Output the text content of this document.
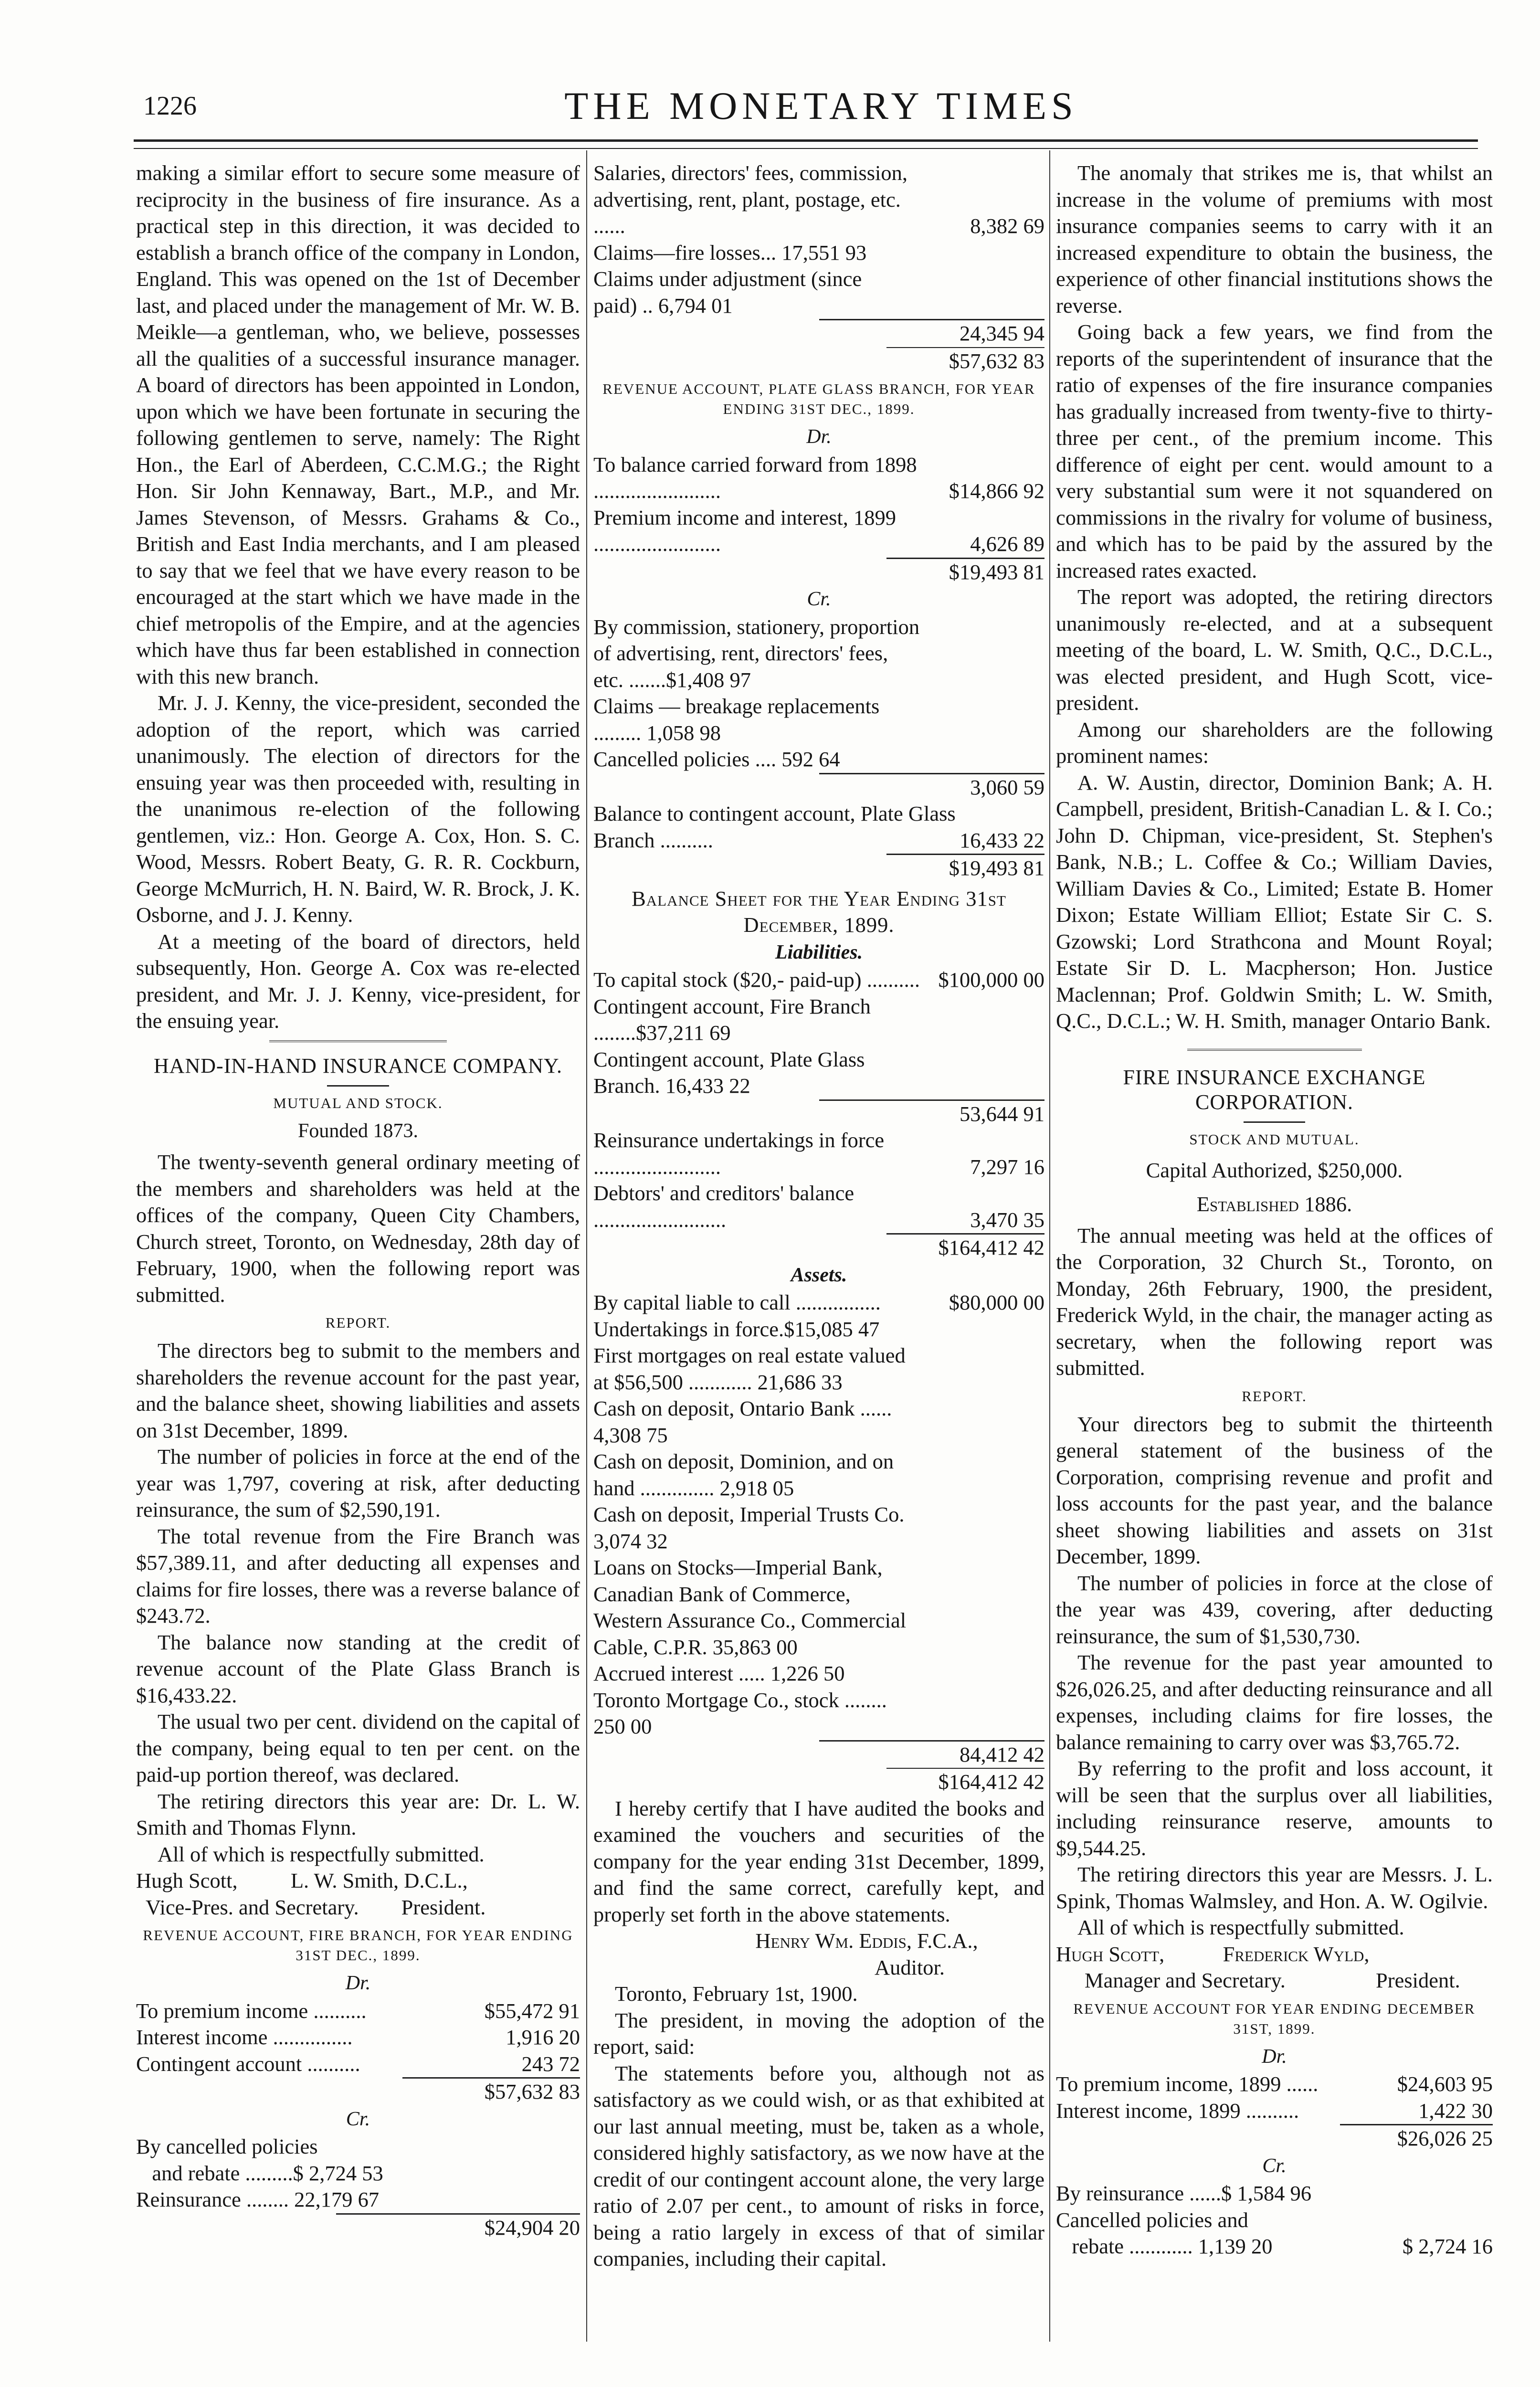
1226	THE MONETARY TIMES

making a similar effort to secure some measure of reciprocity in the business of fire insurance. As a practical step in this direction, it was decided to establish a branch office of the company in London, England. This was opened on the 1st of December last, and placed under the management of Mr. W. B. Meikle—a gentleman, who, we believe, possesses all the qualities of a successful insurance manager. A board of directors has been appointed in London, upon which we have been fortunate in securing the following gentlemen to serve, namely: The Right Hon., the Earl of Aberdeen, C.C.M.G.; the Right Hon. Sir John Kennaway, Bart., M.P., and Mr. James Stevenson, of Messrs. Grahams & Co., British and East India merchants, and I am pleased to say that we feel that we have every reason to be encouraged at the start which we have made in the chief metropolis of the Empire, and at the agencies which have thus far been established in connection with this new branch.

Mr. J. J. Kenny, the vice-president, seconded the adoption of the report, which was carried unanimously. The election of directors for the ensuing year was then proceeded with, resulting in the unanimous re-election of the following gentlemen, viz.: Hon. George A. Cox, Hon. S. C. Wood, Messrs. Robert Beaty, G. R. R. Cockburn, George McMurrich, H. N. Baird, W. R. Brock, J. K. Osborne, and J. J. Kenny.

At a meeting of the board of directors, held subsequently, Hon. George A. Cox was re-elected president, and Mr. J. J. Kenny, vice-president, for the ensuing year.

HAND-IN-HAND INSURANCE COMPANY.
MUTUAL AND STOCK.
Founded 1873.

The twenty-seventh general ordinary meeting of the members and shareholders was held at the offices of the company, Queen City Chambers, Church street, Toronto, on Wednesday, 28th day of February, 1900, when the following report was submitted.

REPORT.

The directors beg to submit to the members and shareholders the revenue account for the past year, and the balance sheet, showing liabilities and assets on 31st December, 1899.

The number of policies in force at the end of the year was 1,797, covering at risk, after deducting reinsurance, the sum of $2,590,191.

The total revenue from the Fire Branch was $57,389.11, and after deducting all expenses and claims for fire losses, there was a reverse balance of $243.72.

The balance now standing at the credit of revenue account of the Plate Glass Branch is $16,433.22.

The usual two per cent. dividend on the capital of the company, being equal to ten per cent. on the paid-up portion thereof, was declared.

The retiring directors this year are: Dr. L. W. Smith and Thomas Flynn.

All of which is respectfully submitted.

Hugh Scott,          L. W. Smith, D.C.L.,
Vice-Pres. and Secretary.        President.
REVENUE ACCOUNT, FIRE BRANCH, FOR YEAR ENDING 31ST DEC., 1899.
Dr.
To premium income ..........	$55,472 91
Interest income ...............	1,916 20
Contingent account ..........	243 72
$57,632 83
Cr.
By cancelled policies
and rebate .........$ 2,724 53
Reinsurance ........ 22,179 67
$24,904 20
Salaries, directors' fees, commission, advertising, rent, plant, postage, etc. ......	8,382 69
Claims—fire losses... 17,551 93
Claims under adjustment (since paid) .. 6,794 01
24,345 94
$57,632 83
REVENUE ACCOUNT, PLATE GLASS BRANCH, FOR YEAR ENDING 31ST DEC., 1899.
Dr.
To balance carried forward from 1898 ........................	$14,866 92
Premium income and interest, 1899 ........................	4,626 89
$19,493 81
Cr.
By commission, stationery, proportion of advertising, rent, directors' fees, etc. .......$1,408 97
Claims — breakage replacements ......... 1,058 98
Cancelled policies .... 592 64
3,060 59
Balance to contingent account, Plate Glass Branch ..........	16,433 22
$19,493 81
Balance Sheet for the Year Ending 31st December, 1899.
Liabilities.
To capital stock ($20,- paid-up) .......... $100,000 00
Contingent account, Fire Branch ........$37,211 69
Contingent account, Plate Glass Branch. 16,433 22
53,644 91
Reinsurance undertakings in force ........................	7,297 16
Debtors' and creditors' balance .........................	3,470 35
$164,412 42
Assets.
By capital liable to call ................	$80,000 00
Undertakings in force.$15,085 47
First mortgages on real estate valued at $56,500 ............ 21,686 33
Cash on deposit, Ontario Bank ...... 4,308 75
Cash on deposit, Dominion, and on hand .............. 2,918 05
Cash on deposit, Imperial Trusts Co. 3,074 32
Loans on Stocks—Imperial Bank, Canadian Bank of Commerce, Western Assurance Co., Commercial Cable, C.P.R. 35,863 00
Accrued interest ..... 1,226 50
Toronto Mortgage Co., stock ........ 250 00
84,412 42
$164,412 42

I hereby certify that I have audited the books and examined the vouchers and securities of the company for the year ending 31st December, 1899, and find the same correct, carefully kept, and properly set forth in the above statements.

Henry Wm. Eddis, F.C.A.,
Auditor.

Toronto, February 1st, 1900.

The president, in moving the adoption of the report, said:

The statements before you, although not as satisfactory as we could wish, or as that exhibited at our last annual meeting, must be, taken as a whole, considered highly satisfactory, as we now have at the credit of our contingent account alone, the very large ratio of 2.07 per cent., to amount of risks in force, being a ratio largely in excess of that of similar companies, including their capital.

The anomaly that strikes me is, that whilst an increase in the volume of premiums with most insurance companies seems to carry with it an increased expenditure to obtain the business, the experience of other financial institutions shows the reverse.

Going back a few years, we find from the reports of the superintendent of insurance that the ratio of expenses of the fire insurance companies has gradually increased from twenty-five to thirty-three per cent., of the premium income. This difference of eight per cent. would amount to a very substantial sum were it not squandered on commissions in the rivalry for volume of business, and which has to be paid by the assured by the increased rates exacted.

The report was adopted, the retiring directors unanimously re-elected, and at a subsequent meeting of the board, L. W. Smith, Q.C., D.C.L., was elected president, and Hugh Scott, vice-president.

Among our shareholders are the following prominent names:

A. W. Austin, director, Dominion Bank; A. H. Campbell, president, British-Canadian L. & I. Co.; John D. Chipman, vice-president, St. Stephen's Bank, N.B.; L. Coffee & Co.; William Davies, William Davies & Co., Limited; Estate B. Homer Dixon; Estate William Elliot; Estate Sir C. S. Gzowski; Lord Strathcona and Mount Royal; Estate Sir D. L. Macpherson; Hon. Justice Maclennan; Prof. Goldwin Smith; L. W. Smith, Q.C., D.C.L.; W. H. Smith, manager Ontario Bank.

FIRE INSURANCE EXCHANGE CORPORATION.
STOCK AND MUTUAL.
Capital Authorized, $250,000.
Established 1886.

The annual meeting was held at the offices of the Corporation, 32 Church St., Toronto, on Monday, 26th February, 1900, the president, Frederick Wyld, in the chair, the manager acting as secretary, when the following report was submitted.

REPORT.

Your directors beg to submit the thirteenth general statement of the business of the Corporation, comprising revenue and profit and loss accounts for the past year, and the balance sheet showing liabilities and assets on 31st December, 1899.

The number of policies in force at the close of the year was 439, covering, after deducting reinsurance, the sum of $1,530,730.

The revenue for the past year amounted to $26,026.25, and after deducting reinsurance and all expenses, including claims for fire losses, the balance remaining to carry over was $3,765.72.

By referring to the profit and loss account, it will be seen that the surplus over all liabilities, including reinsurance reserve, amounts to $9,544.25.

The retiring directors this year are Messrs. J. L. Spink, Thomas Walmsley, and Hon. A. W. Ogilvie.

All of which is respectfully submitted.

Hugh Scott,           Frederick Wyld,
Manager and Secretary.                 President.
REVENUE ACCOUNT FOR YEAR ENDING DECEMBER 31ST, 1899.
Dr.
To premium income, 1899 ......	$24,603 95
Interest income, 1899 ..........	1,422 30
$26,026 25
Cr.
By reinsurance ......$ 1,584 96
Cancelled policies and
rebate ............ 1,139 20	$ 2,724 16
